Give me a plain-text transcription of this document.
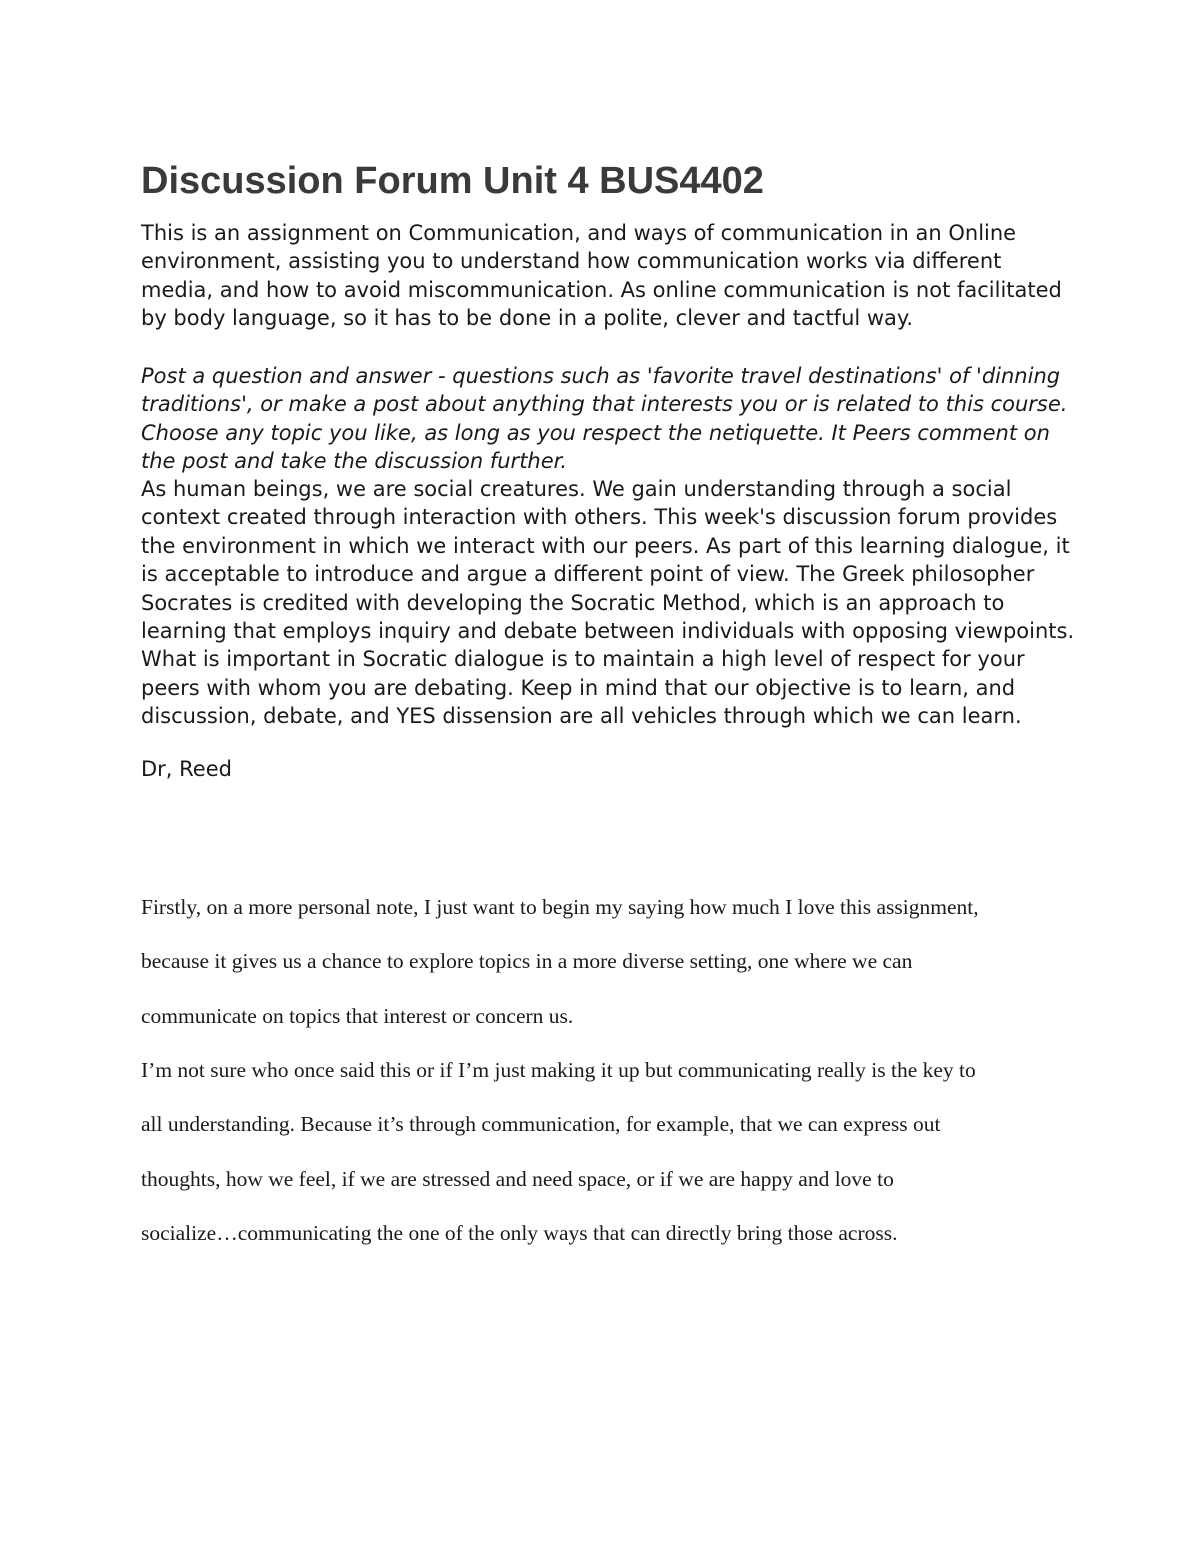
Discussion Forum Unit 4 BUS4402

This is an assignment on Communication, and ways of communication in an Online
environment, assisting you to understand how communication works via different
media, and how to avoid miscommunication. As online communication is not facilitated
by body language, so it has to be done in a polite, clever and tactful way.

Post a question and answer - questions such as 'favorite travel destinations' of 'dinning
traditions', or make a post about anything that interests you or is related to this course.
Choose any topic you like, as long as you respect the netiquette. It Peers comment on
the post and take the discussion further.

As human beings, we are social creatures. We gain understanding through a social
context created through interaction with others. This week's discussion forum provides
the environment in which we interact with our peers. As part of this learning dialogue, it
is acceptable to introduce and argue a different point of view. The Greek philosopher
Socrates is credited with developing the Socratic Method, which is an approach to
learning that employs inquiry and debate between individuals with opposing viewpoints.
What is important in Socratic dialogue is to maintain a high level of respect for your
peers with whom you are debating. Keep in mind that our objective is to learn, and
discussion, debate, and YES dissension are all vehicles through which we can learn.

Dr, Reed

Firstly, on a more personal note, I just want to begin my saying how much I love this assignment,
because it gives us a chance to explore topics in a more diverse setting, one where we can
communicate on topics that interest or concern us.

I’m not sure who once said this or if I’m just making it up but communicating really is the key to
all understanding. Because it’s through communication, for example, that we can express out
thoughts, how we feel, if we are stressed and need space, or if we are happy and love to
socialize…communicating the one of the only ways that can directly bring those across.
